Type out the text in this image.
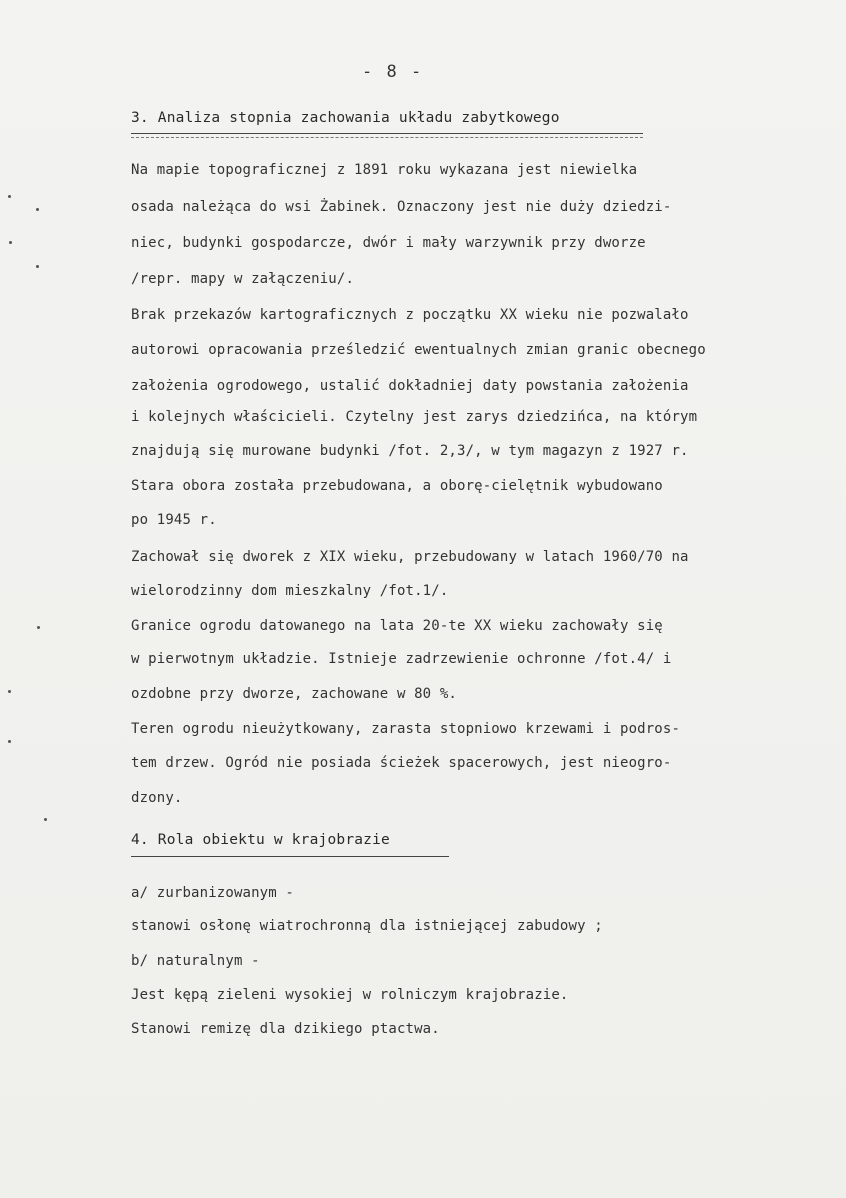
- 8 -
3. Analiza stopnia zachowania układu zabytkowego
Na mapie topograficznej z 1891 roku wykazana jest niewielka
osada należąca do wsi Żabinek. Oznaczony jest nie duży dziedzi-
niec, budynki gospodarcze, dwór i mały warzywnik przy dworze
/repr. mapy w załączeniu/.
Brak przekazów kartograficznych z początku XX wieku nie pozwalało
autorowi opracowania prześledzić ewentualnych zmian granic obecnego
założenia ogrodowego, ustalić dokładniej daty powstania założenia
i kolejnych właścicieli. Czytelny jest zarys dziedzińca, na którym
znajdują się murowane budynki /fot. 2,3/, w tym magazyn z 1927 r.
Stara obora została przebudowana, a oborę-cielętnik wybudowano
po 1945 r.
Zachował się dworek z XIX wieku, przebudowany w latach 1960/70 na
wielorodzinny dom mieszkalny /fot.1/.
Granice ogrodu datowanego na lata 20-te XX wieku zachowały się
w pierwotnym układzie. Istnieje zadrzewienie ochronne /fot.4/ i
ozdobne przy dworze, zachowane w 80 %.
Teren ogrodu nieużytkowany, zarasta stopniowo krzewami i podros-
tem drzew. Ogród nie posiada ścieżek spacerowych, jest nieogro-
dzony.
4. Rola obiektu w krajobrazie
a/ zurbanizowanym -
stanowi osłonę wiatrochronną dla istniejącej zabudowy ;
b/ naturalnym -
Jest kępą zieleni wysokiej w rolniczym krajobrazie.
Stanowi remizę dla dzikiego ptactwa.
